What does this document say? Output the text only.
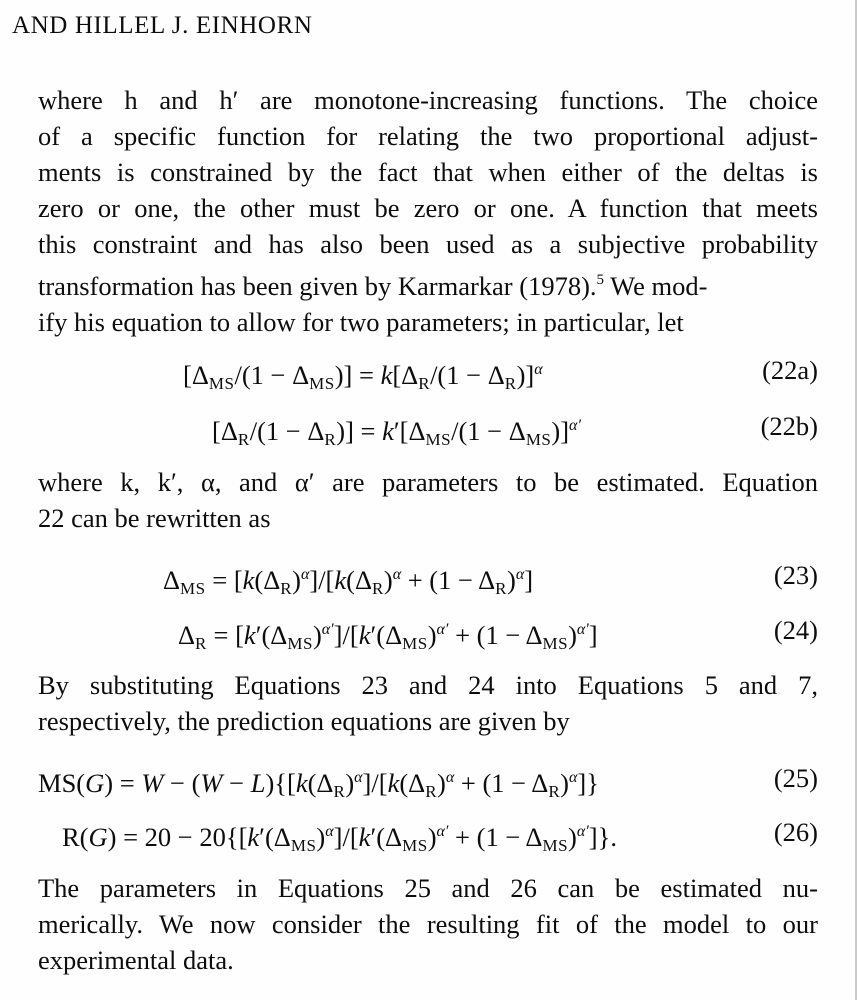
AND HILLEL J. EINHORN
where h and h′ are monotone-increasing functions. The choice
of a specific function for relating the two proportional adjust-
ments is constrained by the fact that when either of the deltas is
zero or one, the other must be zero or one. A function that meets
this constraint and has also been used as a subjective probability
transformation has been given by Karmarkar (1978).$^5$ We mod-
ify his equation to allow for two parameters; in particular, let
$[\Delta_{MS}/(1 - \Delta_{MS})] = k[\Delta_R/(1 - \Delta_R)]^\alpha$	(22a)
$[\Delta_R/(1 - \Delta_R)] = k'[\Delta_{MS}/(1 - \Delta_{MS})]^{\alpha'}$	(22b)
where k, k′, α, and α′ are parameters to be estimated. Equation
22 can be rewritten as
$\Delta_{MS} = [k(\Delta_R)^\alpha]/[k(\Delta_R)^\alpha + (1 - \Delta_R)^\alpha]$	(23)
$\Delta_R = [k'(\Delta_{MS})^{\alpha'}]/[k'(\Delta_{MS})^{\alpha'} + (1 - \Delta_{MS})^{\alpha'}]$	(24)
By substituting Equations 23 and 24 into Equations 5 and 7,
respectively, the prediction equations are given by
$MS(G) = W - (W - L)\{[k(\Delta_R)^\alpha]/[k(\Delta_R)^\alpha + (1 - \Delta_R)^\alpha]\}$	(25)
$R(G) = 20 - 20\{[k'(\Delta_{MS})^\alpha]/[k'(\Delta_{MS})^{\alpha'} + (1 - \Delta_{MS})^{\alpha'}]\}$.	(26)
The parameters in Equations 25 and 26 can be estimated nu-
merically. We now consider the resulting fit of the model to our
experimental data.
